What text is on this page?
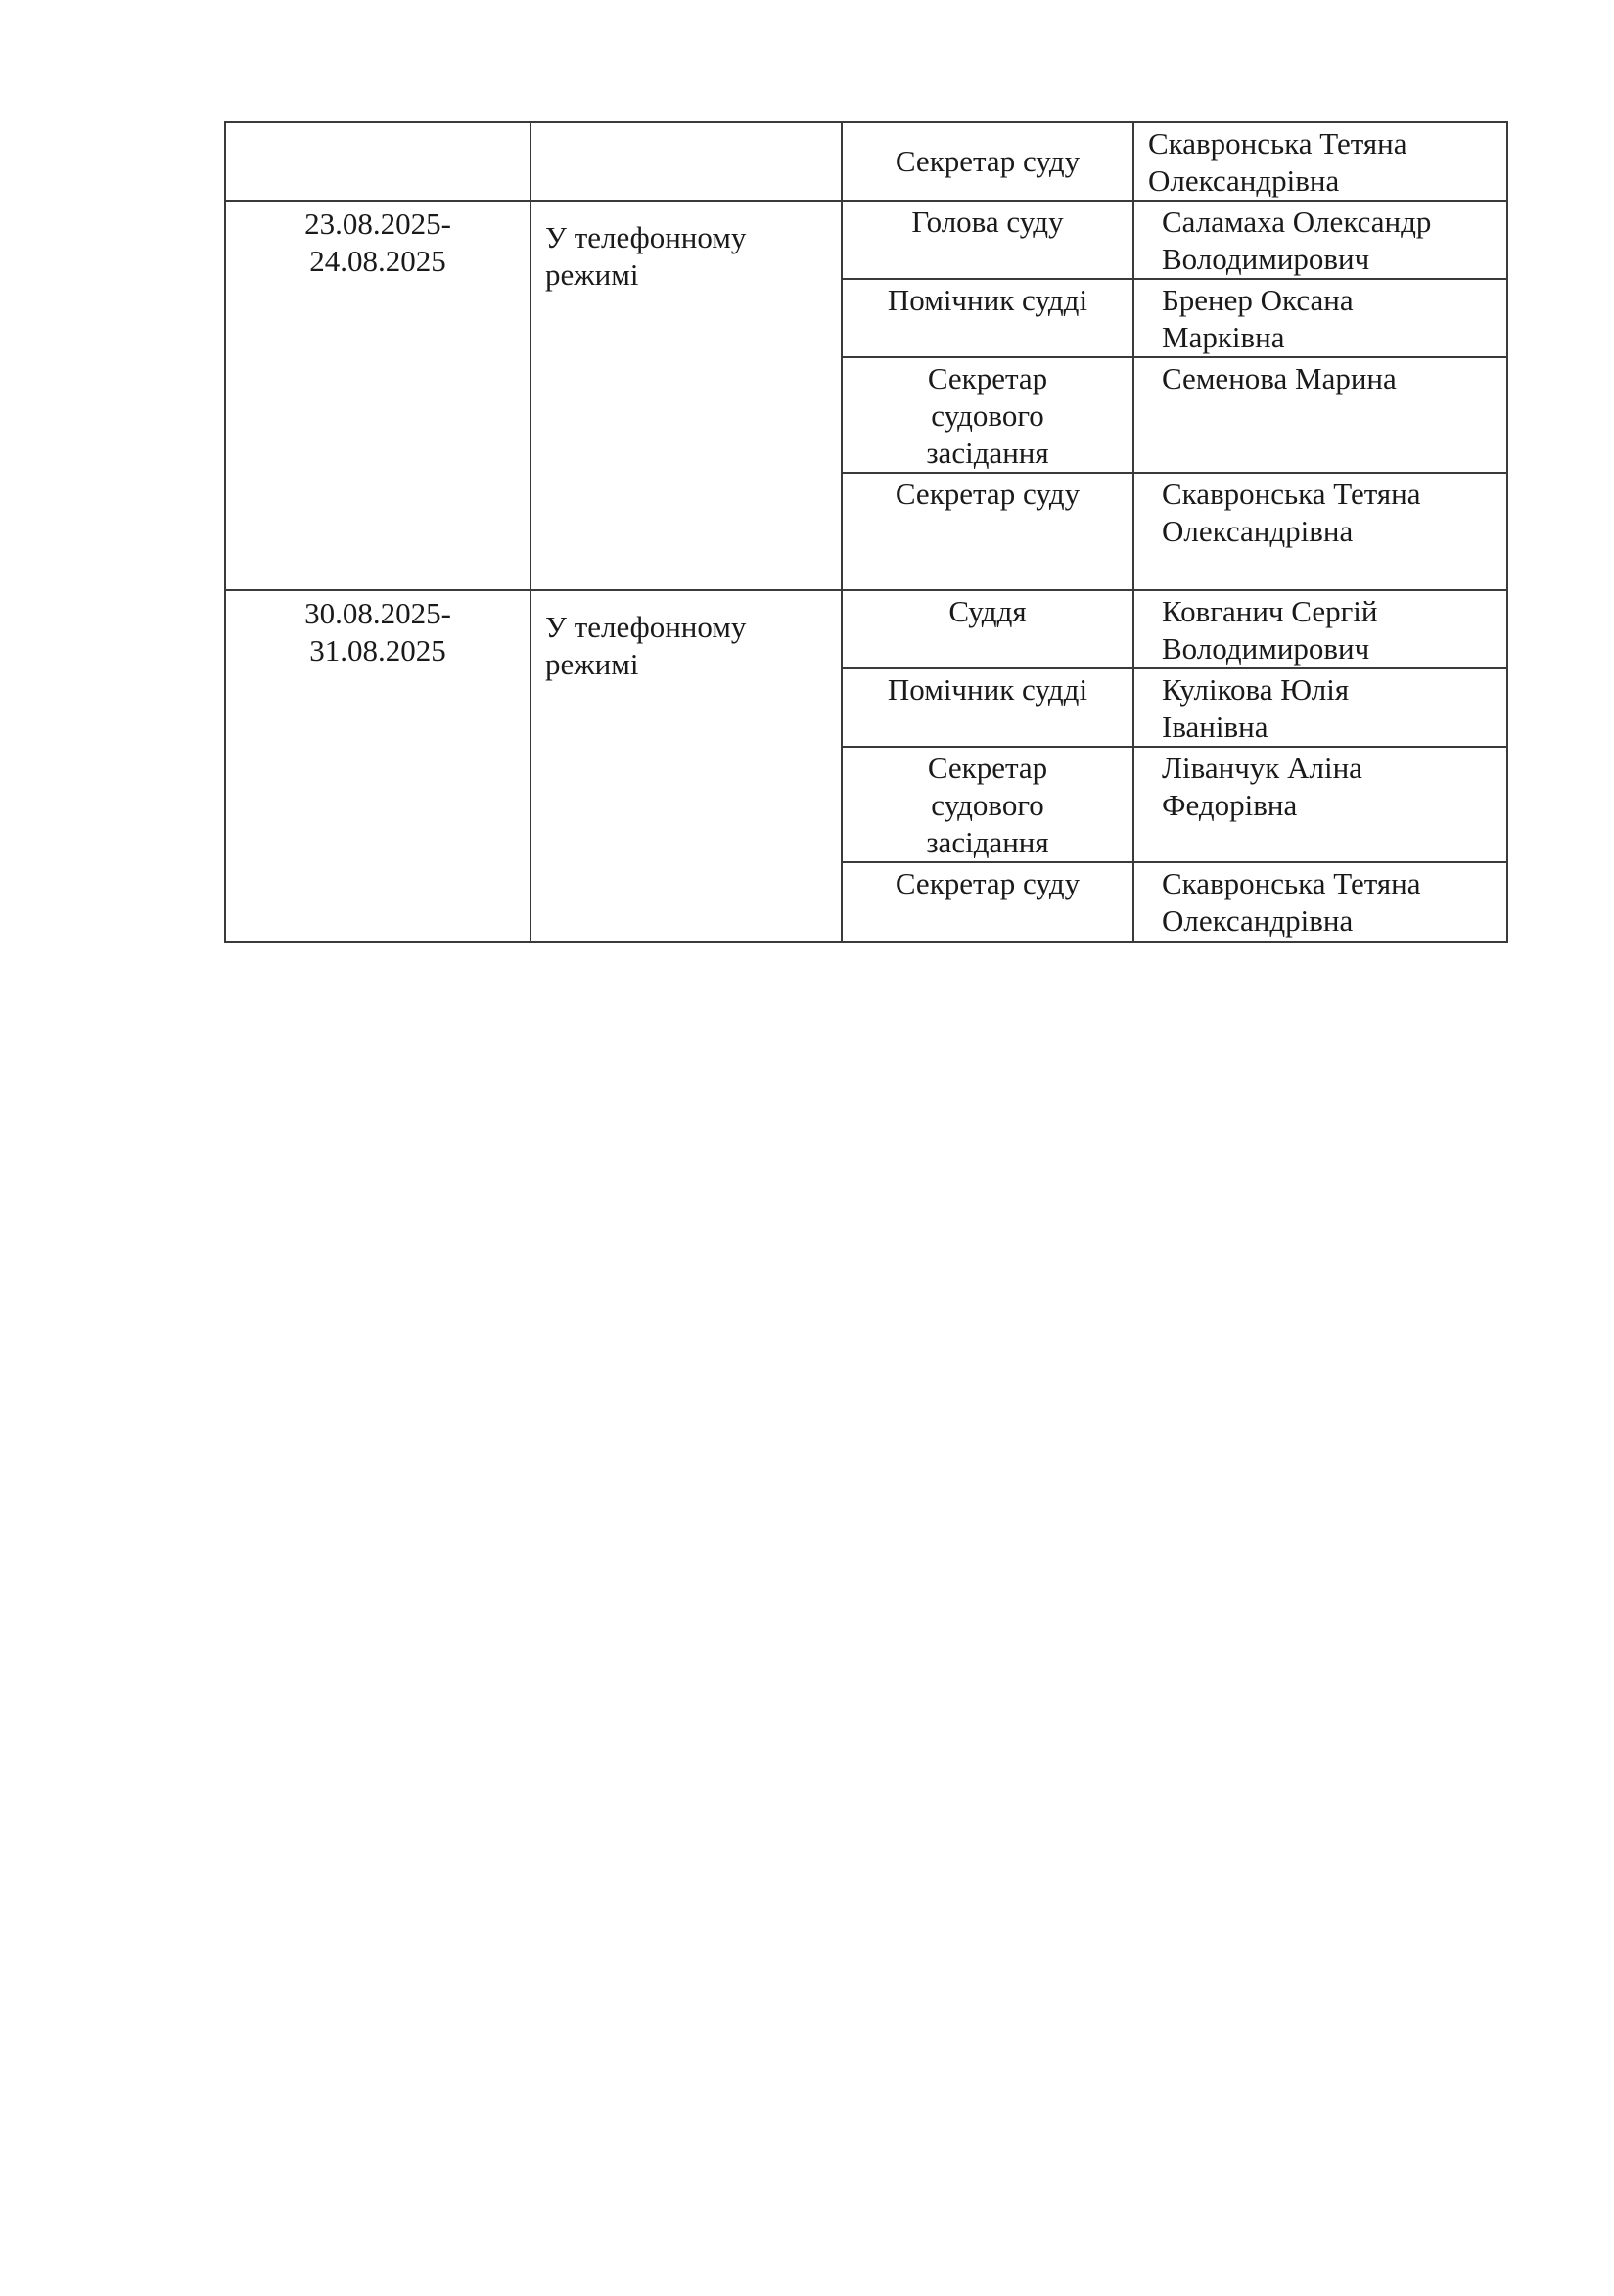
		Секретар суду	Скавронська Тетяна
Олександрівна

23.08.2025-
24.08.2025	У телефонному
режимі	Голова суду	Саламаха Олександр
Володимирович

		Помічник судді	Бренер Оксана
Марківна

		Секретар
судового
засідання	Семенова Марина

		Секретар суду	Скавронська Тетяна
Олександрівна

30.08.2025-
31.08.2025	У телефонному
режимі	Суддя	Ковганич Сергій
Володимирович

		Помічник судді	Кулікова Юлія
Іванівна

		Секретар
судового
засідання	Ліванчук Аліна
Федорівна

		Секретар суду	Скавронська Тетяна
Олександрівна
